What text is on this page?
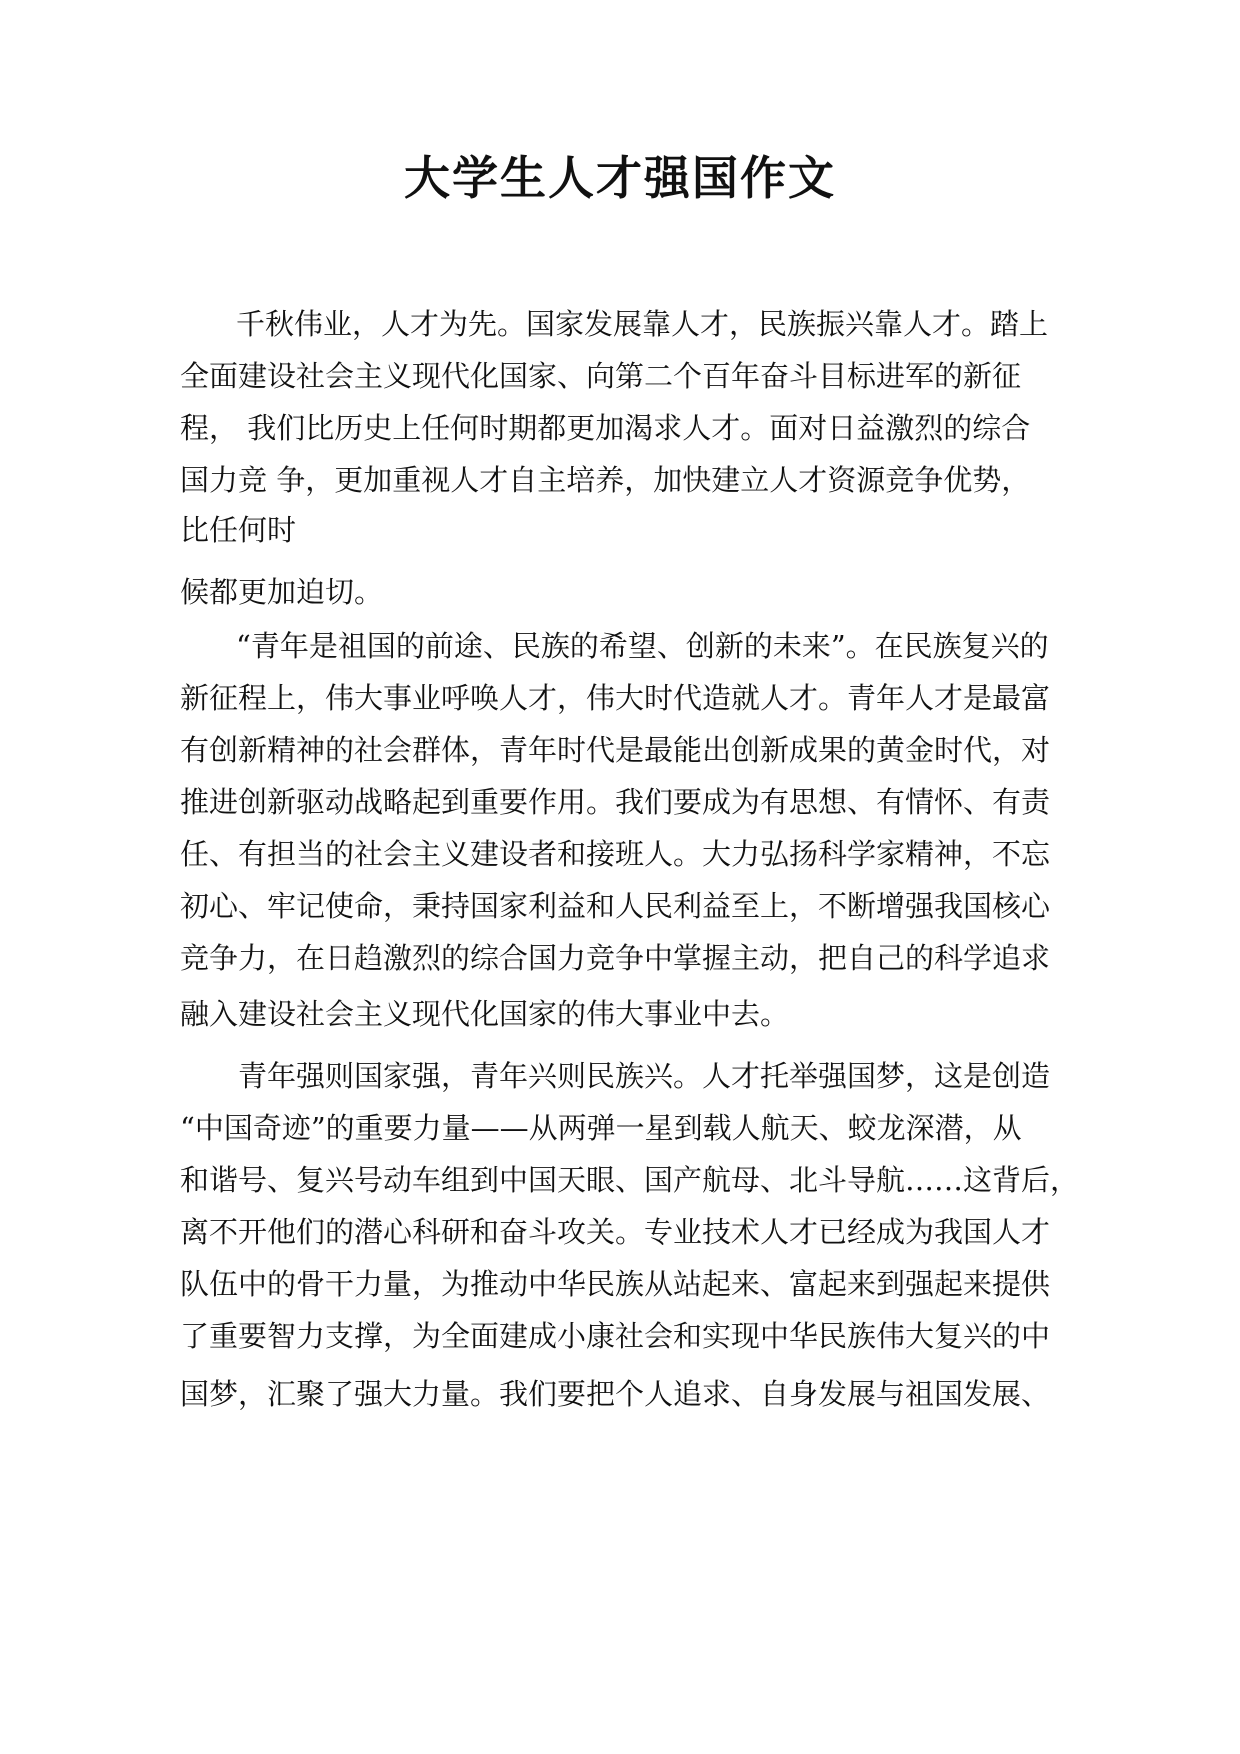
大学生人才强国作文
千秋伟业，人才为先。国家发展靠人才，民族振兴靠人才。踏上
全面建设社会主义现代化国家、向第二个百年奋斗目标进军的新征
程， 我们比历史上任何时期都更加渴求人才。面对日益激烈的综合
国力竞 争，更加重视人才自主培养，加快建立人才资源竞争优势，
比任何时
候都更加迫切。
“青年是祖国的前途、民族的希望、创新的未来”。在民族复兴的
新征程上，伟大事业呼唤人才，伟大时代造就人才。青年人才是最富
有创新精神的社会群体，青年时代是最能出创新成果的黄金时代，对
推进创新驱动战略起到重要作用。我们要成为有思想、有情怀、有责
任、有担当的社会主义建设者和接班人。大力弘扬科学家精神，不忘
初心、牢记使命，秉持国家利益和人民利益至上，不断增强我国核心
竞争力，在日趋激烈的综合国力竞争中掌握主动，把自己的科学追求
融入建设社会主义现代化国家的伟大事业中去。
青年强则国家强，青年兴则民族兴。人才托举强国梦，这是创造
“中国奇迹”的重要力量——从两弹一星到载人航天、蛟龙深潜，从
和谐号、复兴号动车组到中国天眼、国产航母、北斗导航……这背后，
离不开他们的潜心科研和奋斗攻关。专业技术人才已经成为我国人才
队伍中的骨干力量，为推动中华民族从站起来、富起来到强起来提供
了重要智力支撑，为全面建成小康社会和实现中华民族伟大复兴的中
国梦，汇聚了强大力量。我们要把个人追求、自身发展与祖国发展、
